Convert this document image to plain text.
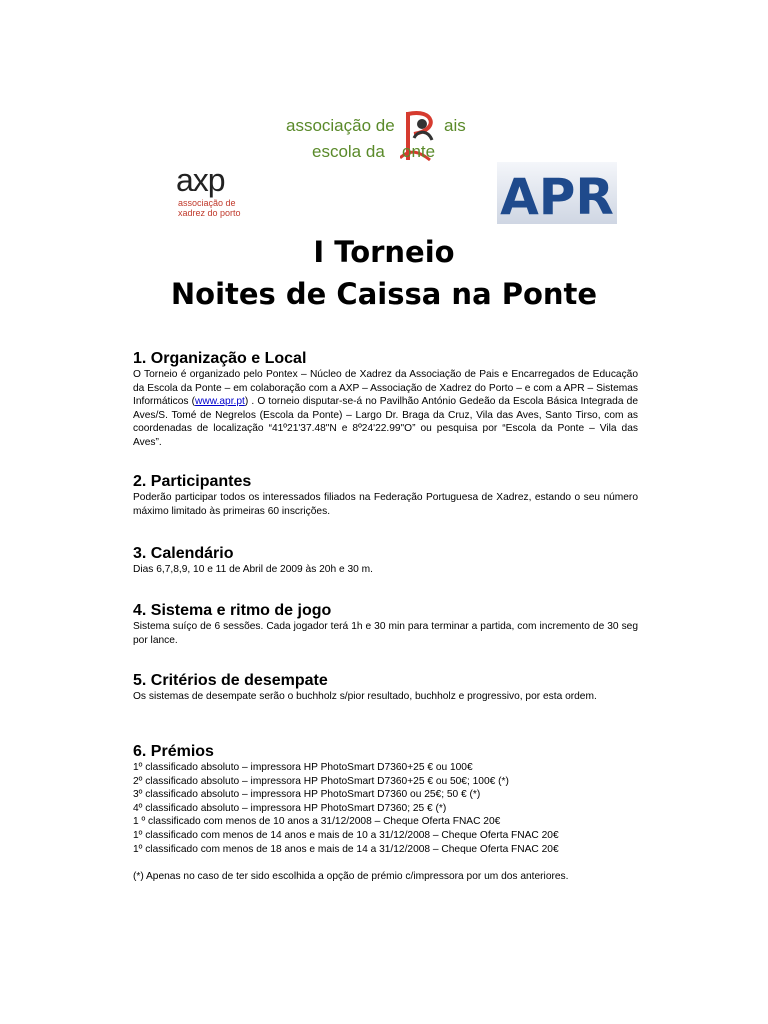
associação de
escola da
ais
onte
axp
associação de
xadrez do porto	APR
I Torneio
Noites de Caissa na Ponte
1. Organização e Local

O Torneio é organizado pelo Pontex – Núcleo de Xadrez da Associação de Pais e Encarregados de Educação da Escola da Ponte – em colaboração com a AXP – Associação de Xadrez do Porto – e com a APR – Sistemas Informáticos (www.apr.pt) . O torneio disputar-se-á no Pavilhão António Gedeão da Escola Básica Integrada de Aves/S. Tomé de Negrelos (Escola da Ponte) – Largo Dr. Braga da Cruz, Vila das Aves, Santo Tirso, com as coordenadas de localização “41º21'37.48"N e 8º24'22.99"O” ou pesquisa por “Escola da Ponte – Vila das Aves”.

2. Participantes

Poderão participar todos os interessados filiados na Federação Portuguesa de Xadrez, estando o seu número máximo limitado às primeiras 60 inscrições.

3. Calendário

Dias 6,7,8,9, 10 e 11 de Abril de 2009 às 20h e 30 m.

4. Sistema e ritmo de jogo

Sistema suíço de 6 sessões. Cada jogador terá 1h e 30 min para terminar a partida, com incremento de 30 seg por lance.

5. Critérios de desempate

Os sistemas de desempate serão o buchholz s/pior resultado, buchholz e progressivo, por esta ordem.

6. Prémios
1º classificado absoluto – impressora HP PhotoSmart D7360+25 € ou 100€
2º classificado absoluto – impressora HP PhotoSmart D7360+25 € ou 50€; 100€ (*)
3º classificado absoluto – impressora HP PhotoSmart D7360 ou 25€; 50 € (*)
4º classificado absoluto – impressora HP PhotoSmart D7360; 25 € (*)
1 º classificado com menos de 10 anos a 31/12/2008 – Cheque Oferta FNAC 20€
1º classificado com menos de 14 anos e mais de 10 a 31/12/2008 – Cheque Oferta FNAC 20€
1º classificado com menos de 18 anos e mais de 14 a 31/12/2008 – Cheque Oferta FNAC 20€

(*) Apenas no caso de ter sido escolhida a opção de prémio c/impressora por um dos anteriores.
